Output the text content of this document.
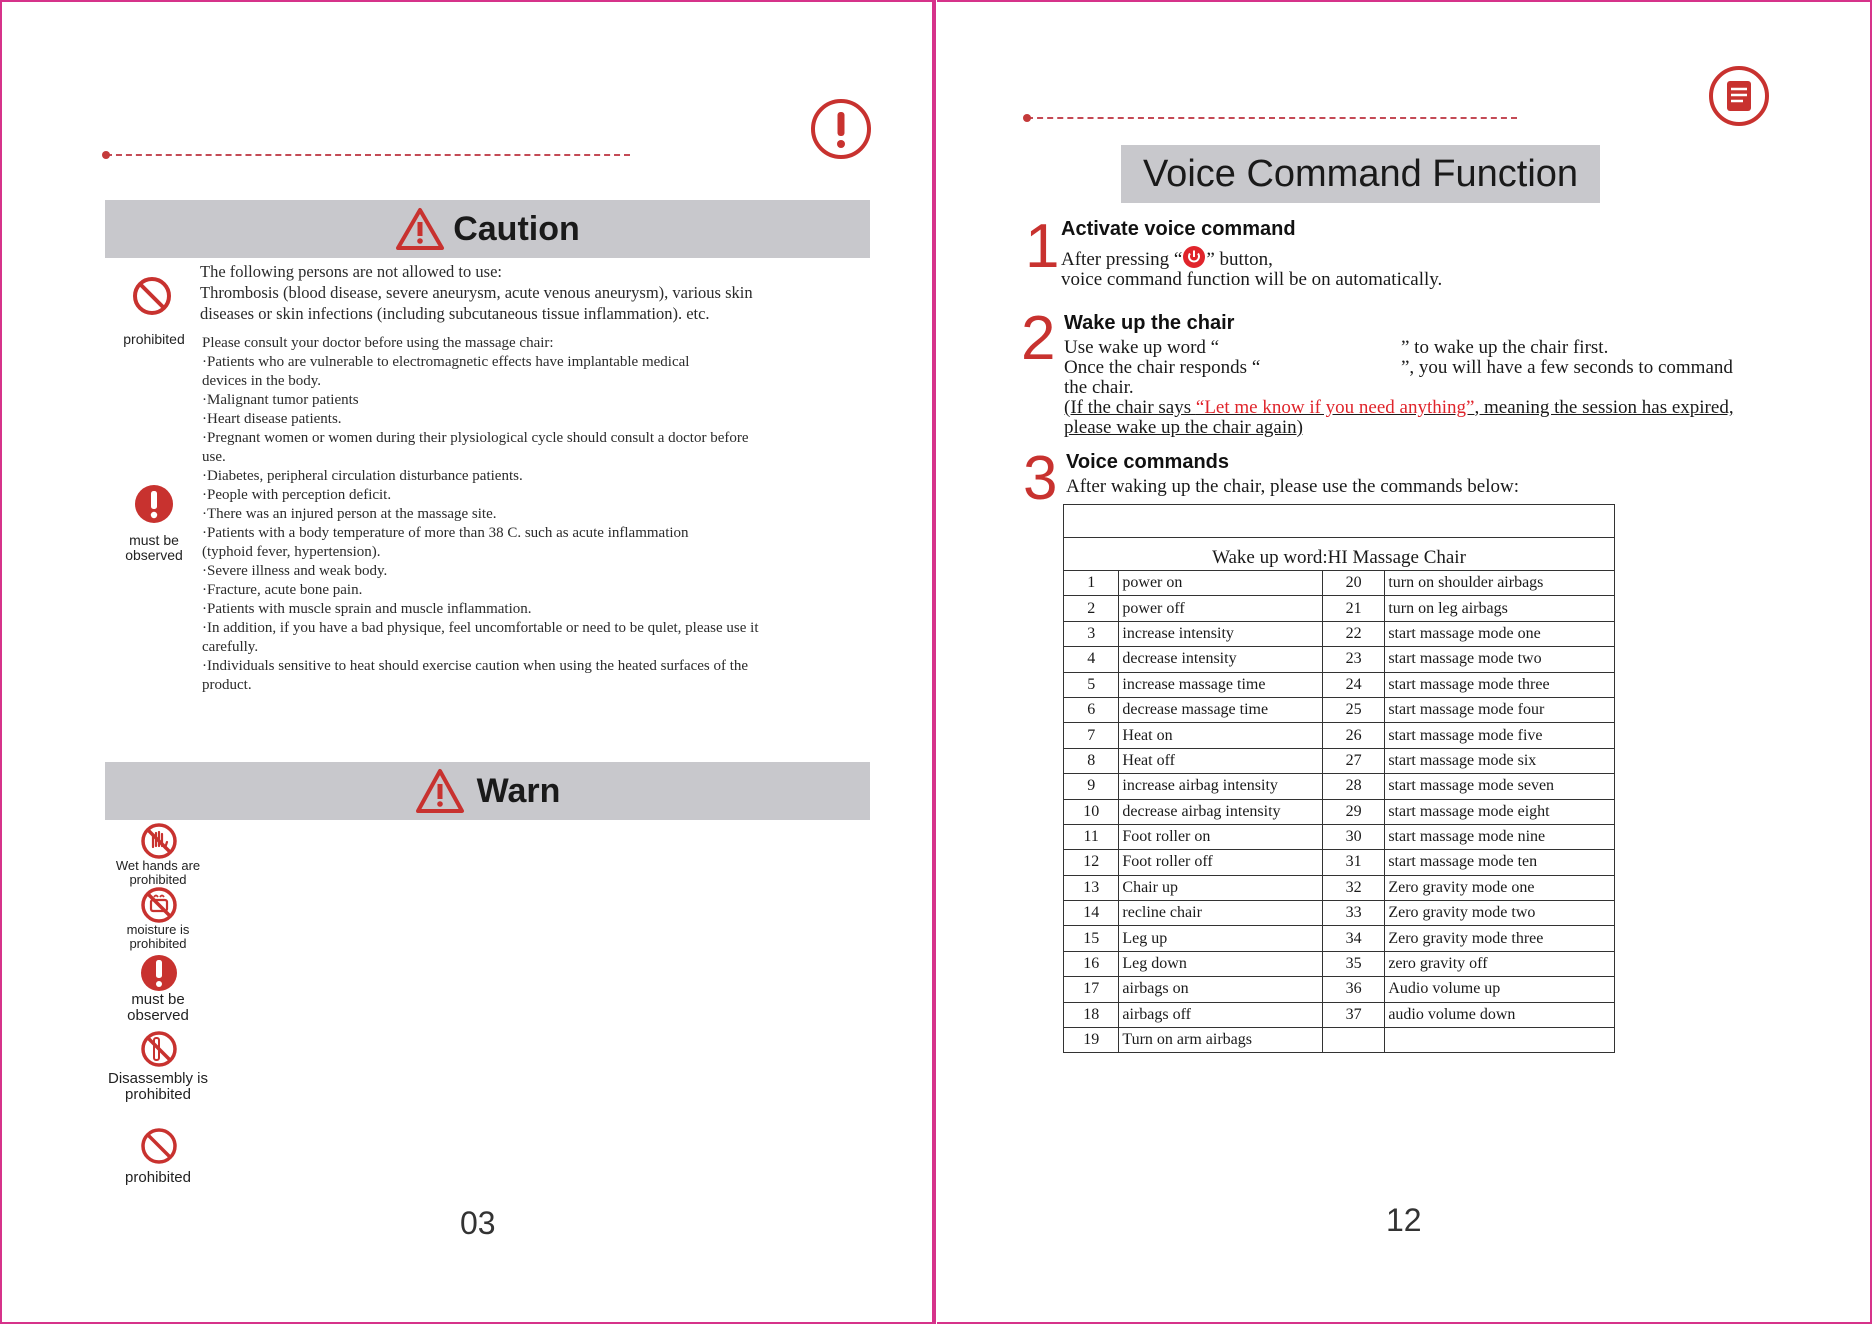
Caution
prohibited
The following persons are not allowed to use:
Thrombosis (blood disease, severe aneurysm, acute venous aneurysm), various skin
diseases or skin infections (including subcutaneous tissue inflammation). etc.
Please consult your doctor before using the massage chair:
·Patients who are vulnerable to electromagnetic effects have implantable medical
devices in the body.
·Malignant tumor patients
·Heart disease patients.
·Pregnant women or women during their plysiological cycle should consult a doctor before
use.
·Diabetes, peripheral circulation disturbance patients.
·People with perception deficit.
·There was an injured person at the massage site.
·Patients with a body temperature of more than 38 C. such as acute inflammation
(typhoid fever, hypertension).
·Severe illness and weak body.
·Fracture, acute bone pain.
·Patients with muscle sprain and muscle inflammation.
·In addition, if you have a bad physique, feel uncomfortable or need to be qulet, please use it
carefully.
·Individuals sensitive to heat should exercise caution when using the heated surfaces of the
product.
must be
observed
Warn
Wet hands are
prohibited
moisture is
prohibited
must be
observed
Disassembly is
prohibited
prohibited
03
Voice Command Function
1 Activate voice command
After pressing “ ” button,
voice command function will be on automatically.
2 Wake up the chair
Use wake up word “	” to wake up the chair first.
Once the chair responds “	”, you will have a few seconds to command
the chair.
(If the chair says “Let me know if you need anything”, meaning the session has expired,
please wake up the chair again)
3 Voice commands
After waking up the chair, please use the commands below:

Wake up word:HI Massage Chair			
1	power on	20	turn on shoulder airbags
2	power off	21	turn on leg airbags
3	increase intensity	22	start massage mode one
4	decrease intensity	23	start massage mode two
5	increase massage time	24	start massage mode three
6	decrease massage time	25	start massage mode four
7	Heat on	26	start massage mode five
8	Heat off	27	start massage mode six
9	increase airbag intensity	28	start massage mode seven
10	decrease airbag intensity	29	start massage mode eight
11	Foot roller on	30	start massage mode nine
12	Foot roller off	31	start massage mode ten
13	Chair up	32	Zero gravity mode one
14	recline chair	33	Zero gravity mode two
15	Leg up	34	Zero gravity mode three
16	Leg down	35	zero gravity off
17	airbags on	36	Audio volume up
18	airbags off	37	audio volume down
19	Turn on arm airbags		
12
